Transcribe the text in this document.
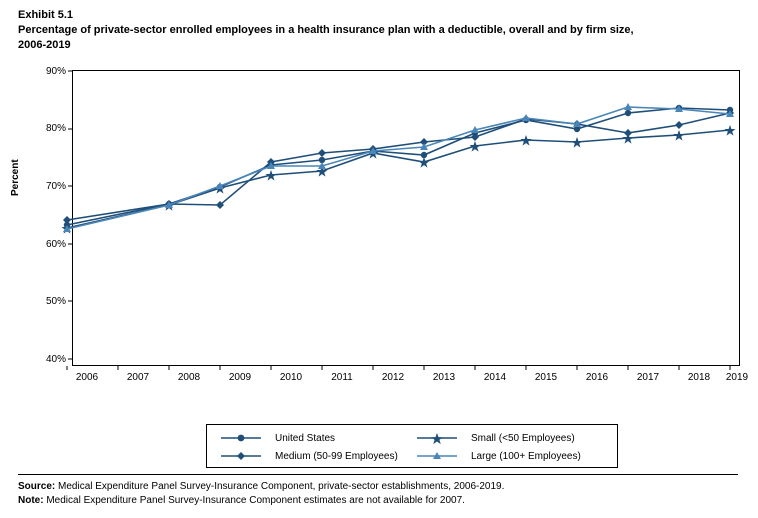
Exhibit 5.1
Percentage of private-sector enrolled employees in a health insurance plan with a deductible, overall and by firm size, 2006-2019
Percent
90%
80%
70%
60%
50%
40%
2006	2007	2008	2009	2010	2011	2012	2013	2014	2015	2016	2017	2018	2019
United States
Medium (50-99 Employees)
Small (<50 Employees)
Large (100+ Employees)
Source: Medical Expenditure Panel Survey-Insurance Component, private-sector establishments, 2006-2019.
Note: Medical Expenditure Panel Survey-Insurance Component estimates are not available for 2007.
